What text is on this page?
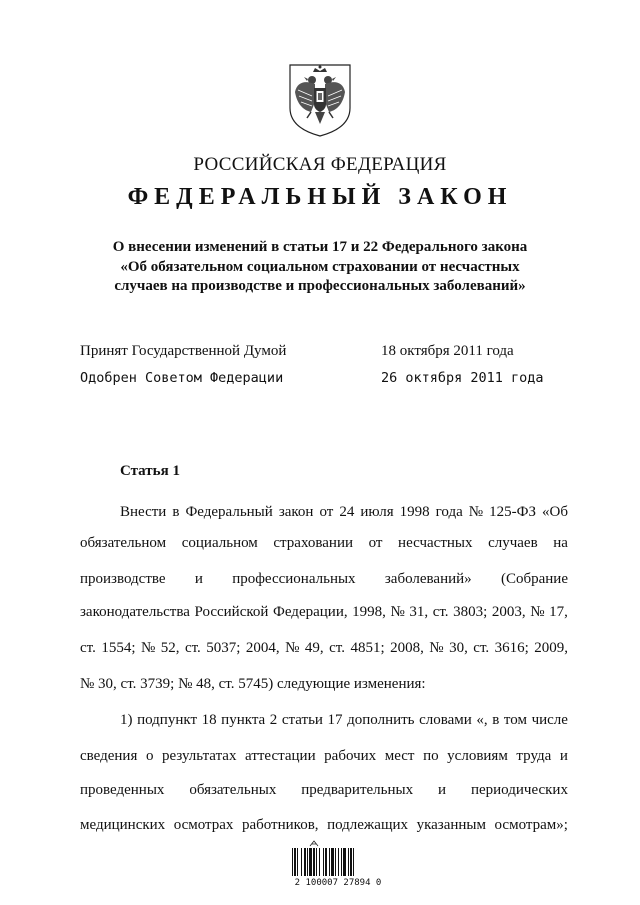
РОССИЙСКАЯ ФЕДЕРАЦИЯ
ФЕДЕРАЛЬНЫЙ ЗАКОН
О внесении изменений в статьи 17 и 22 Федерального закона
«Об обязательном социальном страховании от несчастных
случаев на производстве и профессиональных заболеваний»
Принят Государственной Думой	18 октября 2011 года
Одобрен Советом Федерации	26 октября 2011 года
Статья 1
Внести в Федеральный закон от 24 июля 1998 года № 125-ФЗ «Об
обязательном социальном страховании от несчастных случаев на
производстве и профессиональных заболеваний» (Собрание
законодательства Российской Федерации, 1998, № 31, ст. 3803; 2003, № 17,
ст. 1554; № 52, ст. 5037; 2004, № 49, ст. 4851; 2008, № 30, ст. 3616; 2009,
№ 30, ст. 3739; № 48, ст. 5745) следующие изменения:
1) подпункт 18 пункта 2 статьи 17 дополнить словами «, в том числе
сведения о результатах аттестации рабочих мест по условиям труда и
проведенных обязательных предварительных и периодических
медицинских осмотрах работников, подлежащих указанным осмотрам»;
2 100007 27894 0
